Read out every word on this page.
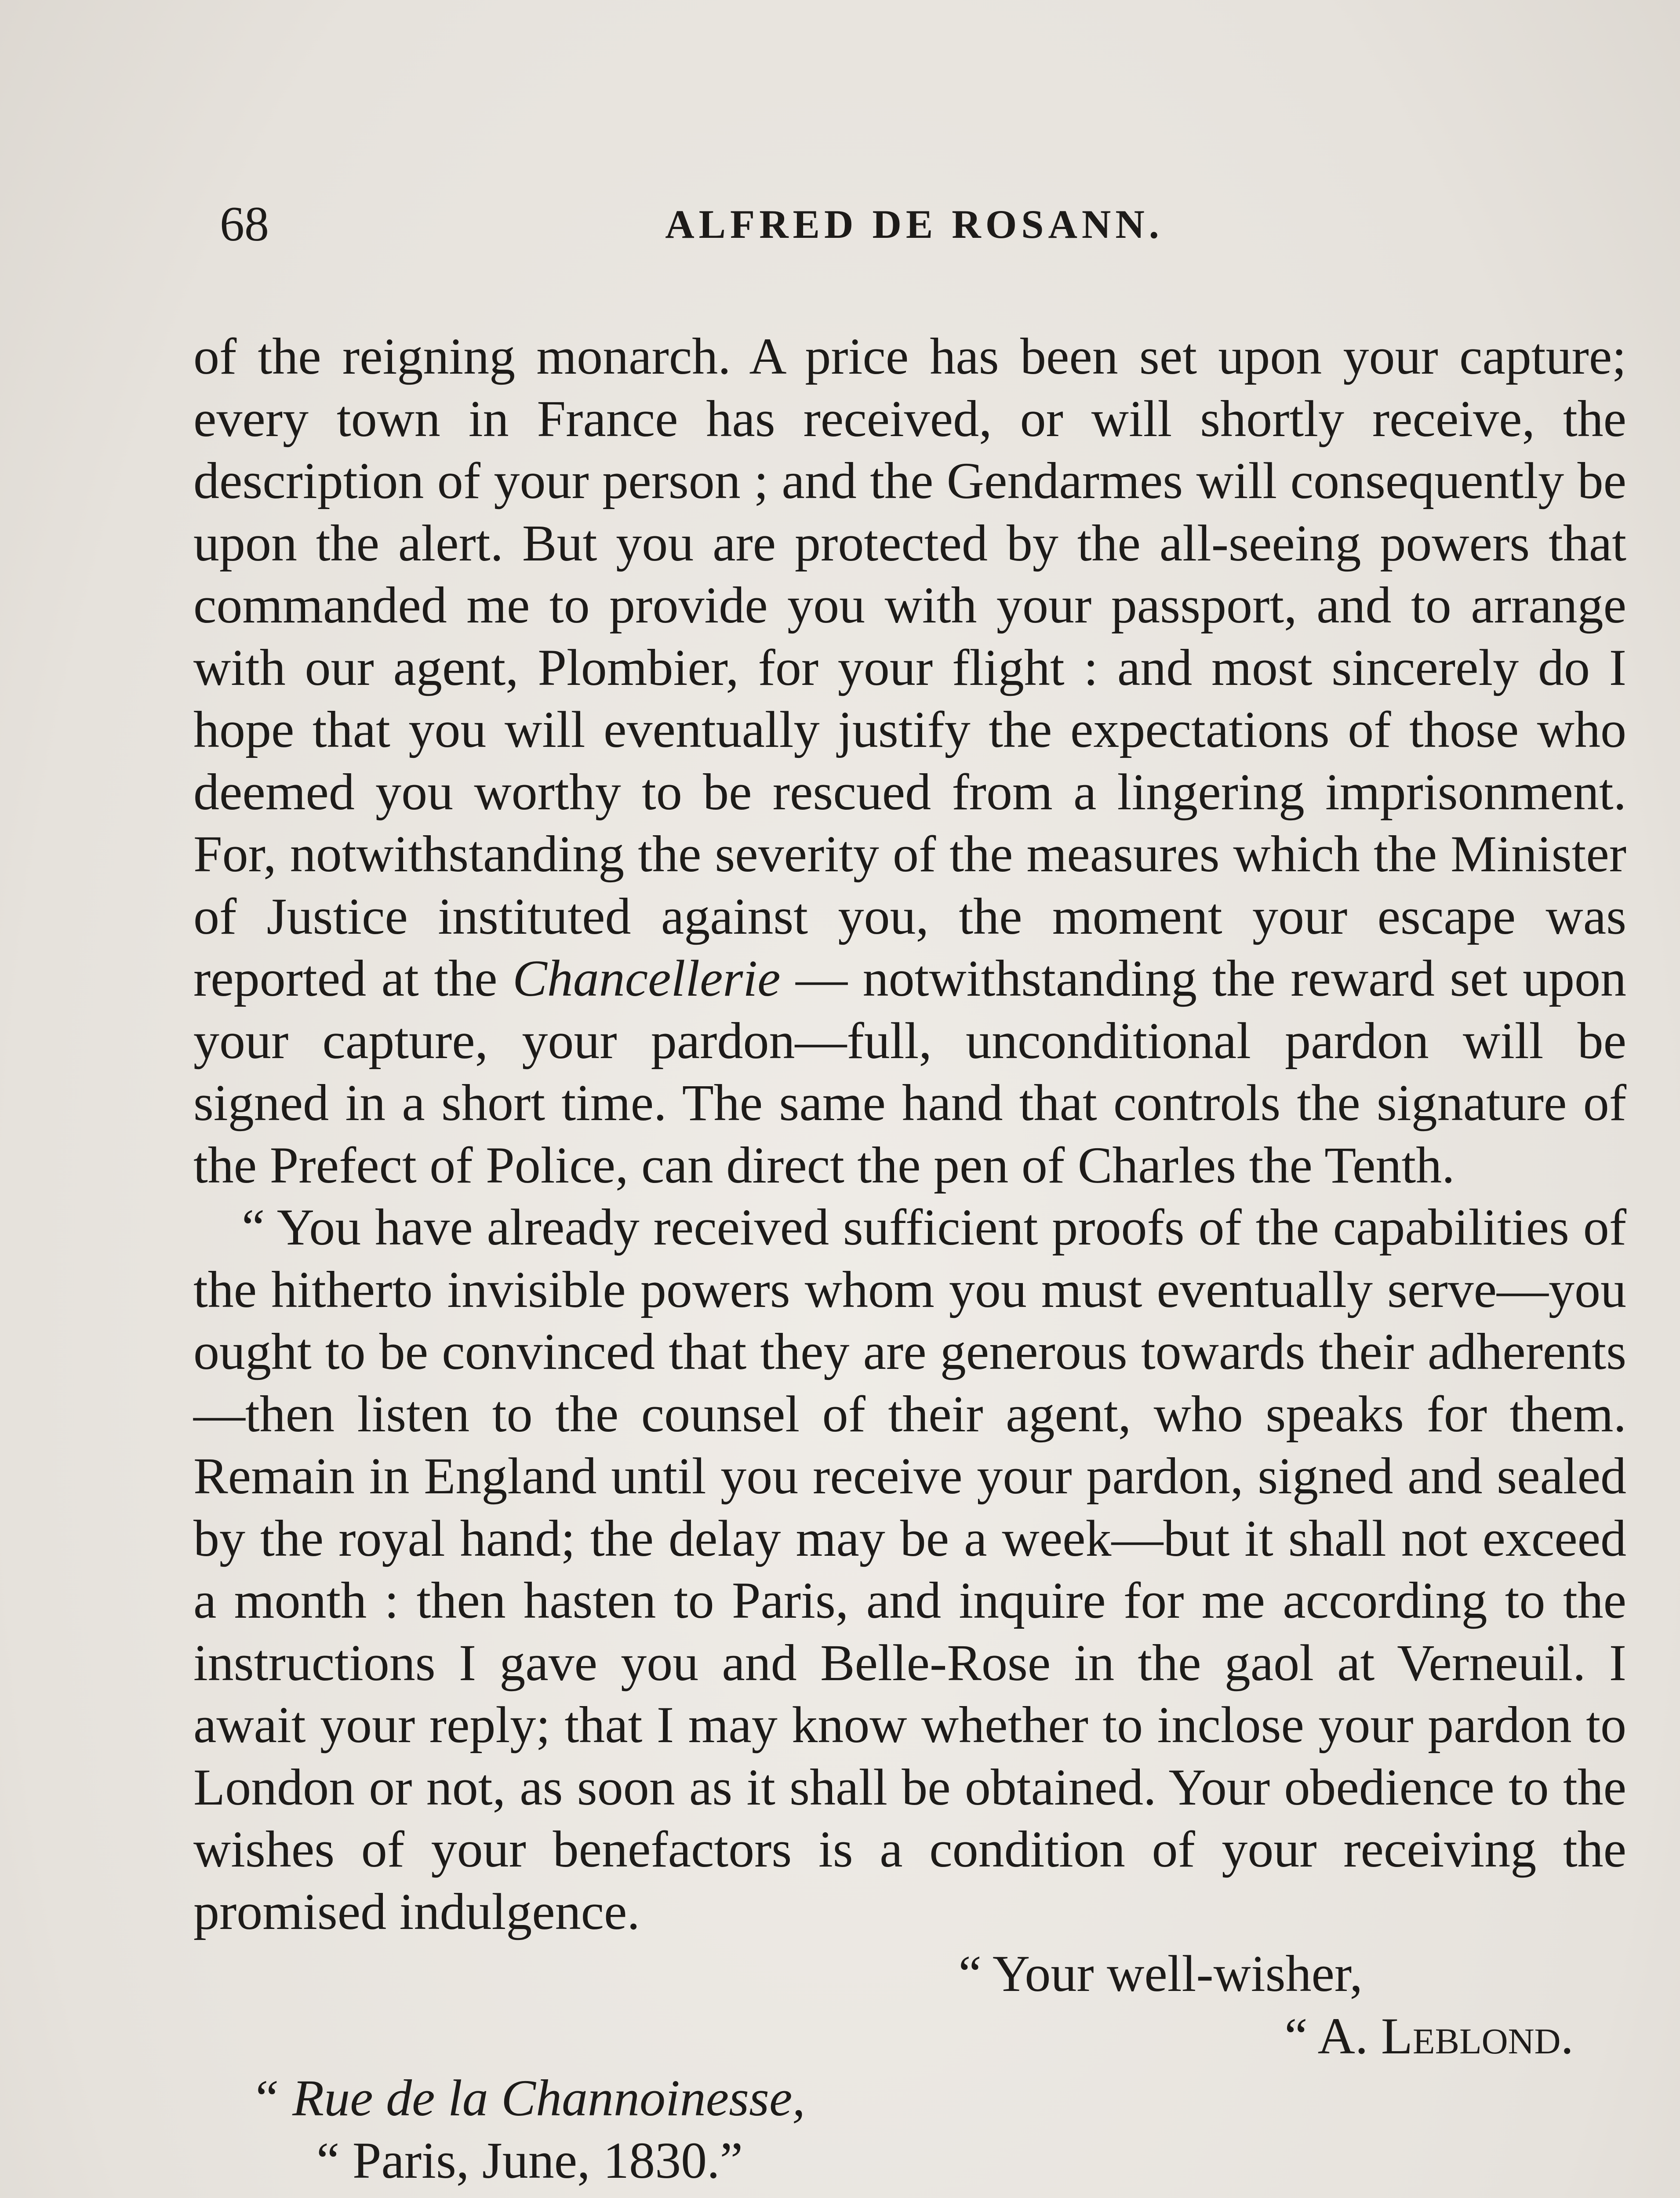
68	ALFRED DE ROSANN.

of the reigning monarch. A price has been set upon your capture; every town in France has received, or will shortly receive, the description of your person ; and the Gendarmes will consequently be upon the alert. But you are protected by the all-seeing powers that commanded me to provide you with your passport, and to arrange with our agent, Plombier, for your flight : and most sincerely do I hope that you will eventually justify the expectations of those who deemed you worthy to be rescued from a lingering imprisonment. For, notwithstanding the severity of the measures which the Minister of Justice instituted against you, the moment your escape was reported at the Chancellerie — notwithstanding the reward set upon your capture, your pardon—full, unconditional pardon will be signed in a short time. The same hand that controls the signature of the Prefect of Police, can direct the pen of Charles the Tenth.

“ You have already received sufficient proofs of the capabilities of the hitherto invisible powers whom you must eventually serve—you ought to be convinced that they are generous towards their adherents—then listen to the counsel of their agent, who speaks for them. Remain in England until you receive your pardon, signed and sealed by the royal hand; the delay may be a week—but it shall not exceed a month : then hasten to Paris, and inquire for me according to the instructions I gave you and Belle-Rose in the gaol at Verneuil. I await your reply; that I may know whether to inclose your pardon to London or not, as soon as it shall be obtained. Your obedience to the wishes of your benefactors is a condition of your receiving the promised indulgence.

“ Your well-wisher,

“ A. Leblond.

“ Rue de la Channoinesse,

“ Paris, June, 1830.”
